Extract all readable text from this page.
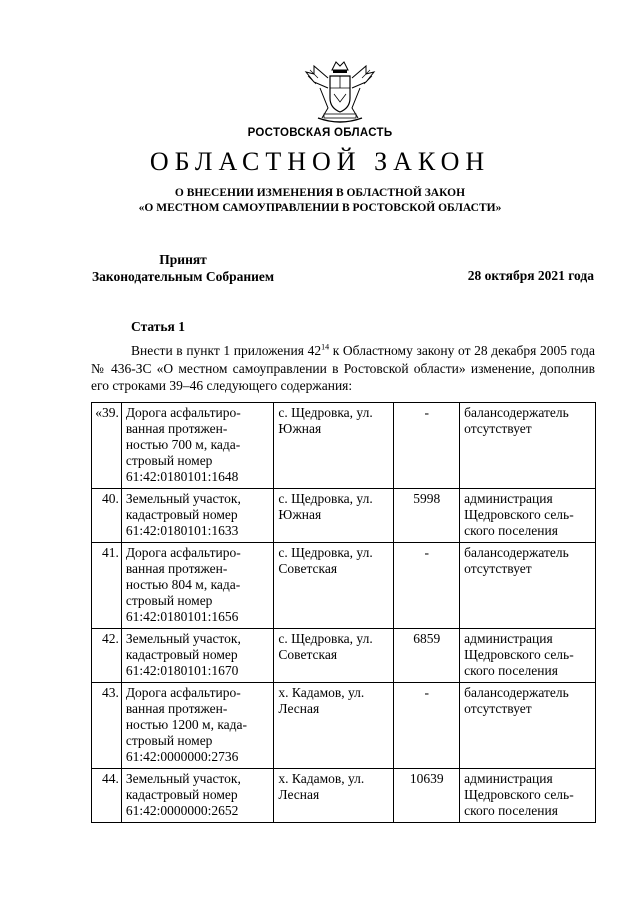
РОСТОВСКАЯ ОБЛАСТЬ
ОБЛАСТНОЙ ЗАКОН
О ВНЕСЕНИИ ИЗМЕНЕНИЯ В ОБЛАСТНОЙ ЗАКОН
«О МЕСТНОМ САМОУПРАВЛЕНИИ В РОСТОВСКОЙ ОБЛАСТИ»
Принят
Законодательным Собранием	28 октября 2021 года
Статья 1
Внести в пункт 1 приложения $42^{14}$ к Областному закону от 28 декабря 2005 года № 436-ЗС «О местном самоуправлении в Ростовской области» изменение, дополнив его строками 39–46 следующего содержания:
«39.	Дорога асфальтиро-ванная протяжен-ностью 700 м, када-стровый номер 61:42:0180101:1648	с. Щедровка, ул. Южная	-	балансодержатель отсутствует
40.	Земельный участок, кадастровый номер 61:42:0180101:1633	с. Щедровка, ул. Южная	5998	администрация Щедровского сель-ского поселения
41.	Дорога асфальтиро-ванная протяжен-ностью 804 м, када-стровый номер 61:42:0180101:1656	с. Щедровка, ул. Советская	-	балансодержатель отсутствует
42.	Земельный участок, кадастровый номер 61:42:0180101:1670	с. Щедровка, ул. Советская	6859	администрация Щедровского сель-ского поселения
43.	Дорога асфальтиро-ванная протяжен-ностью 1200 м, када-стровый номер 61:42:0000000:2736	х. Кадамов, ул. Лесная	-	балансодержатель отсутствует
44.	Земельный участок, кадастровый номер 61:42:0000000:2652	х. Кадамов, ул. Лесная	10639	администрация Щедровского сель-ского поселения
